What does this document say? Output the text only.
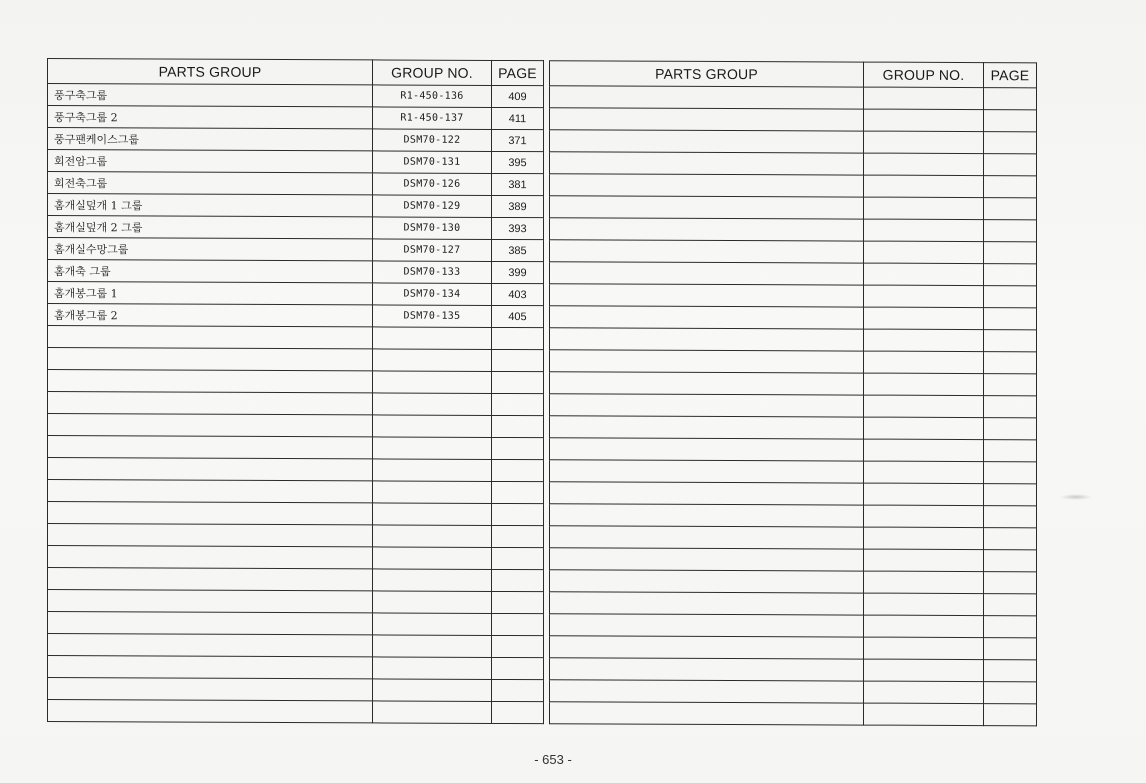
PARTS GROUP	GROUP NO.	PAGE		PARTS GROUP	GROUP NO.	PAGE
풍구축그룹	R1-450-136	409				
풍구축그룹 2	R1-450-137	411				
풍구팬케이스그룹	DSM70-122	371				
회전암그룹	DSM70-131	395				
회전축그룹	DSM70-126	381				
홈개실덮개 1 그룹	DSM70-129	389				
홈개실덮개 2 그룹	DSM70-130	393				
홈개실수망그룹	DSM70-127	385				
홈개축 그룹	DSM70-133	399				
홈개봉그룹 1	DSM70-134	403				
홈개봉그룹 2	DSM70-135	405				

- 653 -
